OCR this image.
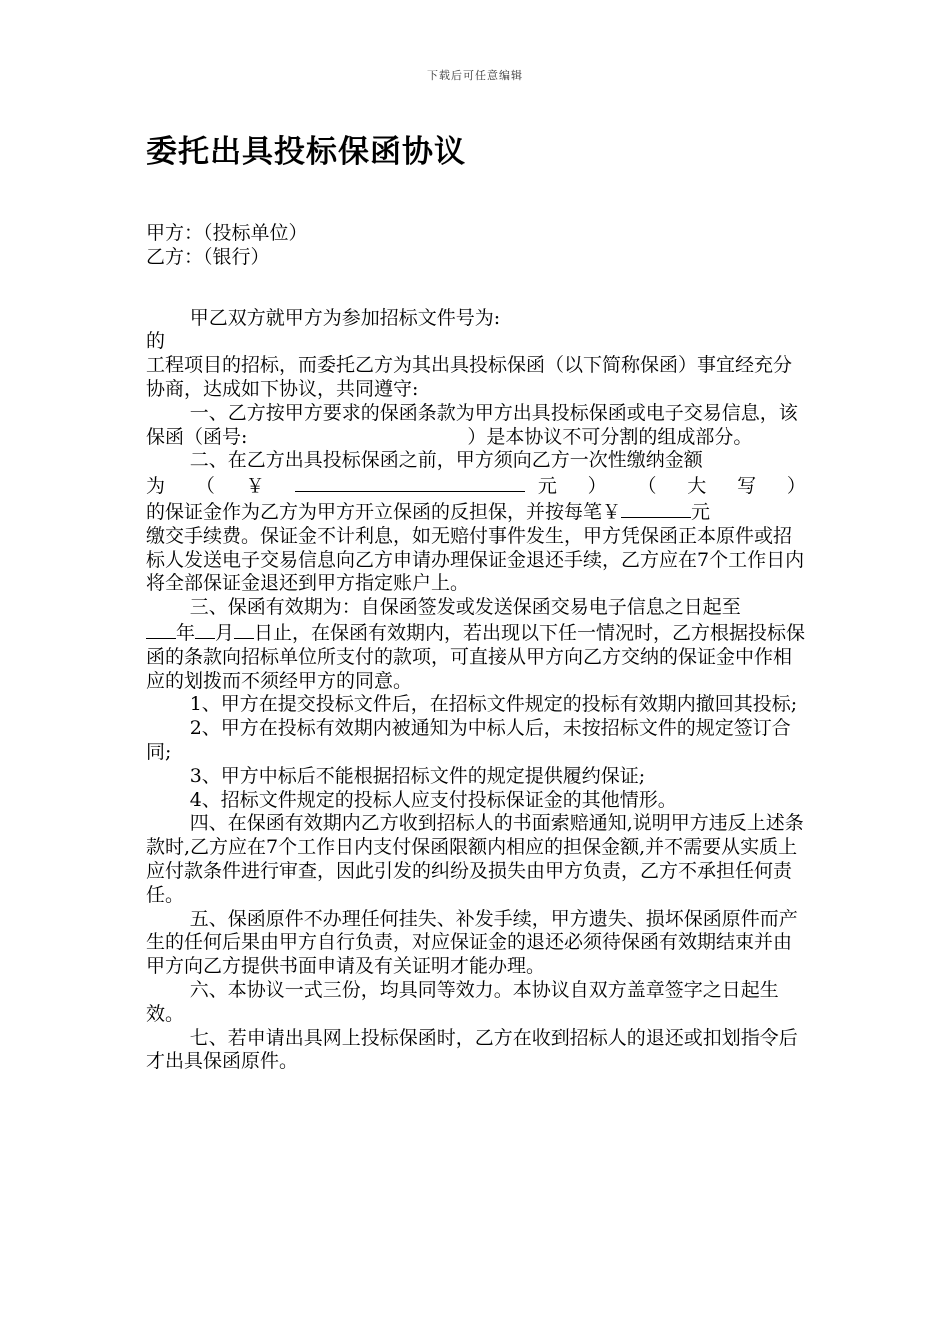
下载后可任意编辑
委托出具投标保函协议

甲方：（投标单位）

乙方：（银行）

甲乙双方就甲方为参加招标文件号为:

的

工程项目的招标，而委托乙方为其出具投标保函（以下简称保函）事宜经充分协商，达成如下协议，共同遵守:

一、乙方按甲方要求的保函条款为甲方出具投标保函或电子交易信息，该保函（函号:	）是本协议不可分割的组成部分。

二、在乙方出具投标保函之前，甲方须向乙方一次性缴纳金额

为 （ ￥	元 ） （ 大 写 ）

的保证金作为乙方为甲方开立保函的反担保，并按每笔￥	元

缴交手续费。保证金不计利息，如无赔付事件发生，甲方凭保函正本原件或招标人发送电子交易信息向乙方申请办理保证金退还手续，乙方应在7个工作日内将全部保证金退还到甲方指定账户上。

三、保函有效期为：自保函签发或发送保函交易电子信息之日起至

年 月 日止，在保函有效期内，若出现以下任一情况时，乙方根据投标保函的条款向招标单位所支付的款项，可直接从甲方向乙方交纳的保证金中作相应的划拨而不须经甲方的同意。

1、甲方在提交投标文件后，在招标文件规定的投标有效期内撤回其投标;

2、甲方在投标有效期内被通知为中标人后，未按招标文件的规定签订合同;

3、甲方中标后不能根据招标文件的规定提供履约保证;

4、招标文件规定的投标人应支付投标保证金的其他情形。

四、在保函有效期内乙方收到招标人的书面索赔通知,说明甲方违反上述条款时,乙方应在7个工作日内支付保函限额内相应的担保金额,并不需要从实质上应付款条件进行审查，因此引发的纠纷及损失由甲方负责，乙方不承担任何责任。

五、保函原件不办理任何挂失、补发手续，甲方遗失、损坏保函原件而产生的任何后果由甲方自行负责，对应保证金的退还必须待保函有效期结束并由甲方向乙方提供书面申请及有关证明才能办理。

六、本协议一式三份，均具同等效力。本协议自双方盖章签字之日起生效。

七、若申请出具网上投标保函时，乙方在收到招标人的退还或扣划指令后才出具保函原件。
